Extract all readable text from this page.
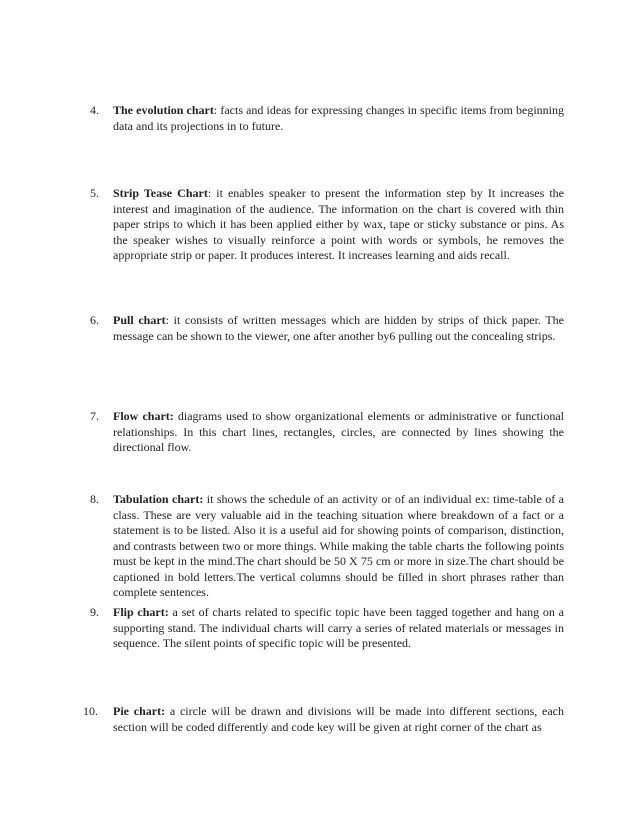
4. The evolution chart: facts and ideas for expressing changes in specific items from beginning data and its projections in to future.
5. Strip Tease Chart: it enables speaker to present the information step by It increases the interest and imagination of the audience. The information on the chart is covered with thin paper strips to which it has been applied either by wax, tape or sticky substance or pins. As the speaker wishes to visually reinforce a point with words or symbols, he removes the appropriate strip or paper. It produces interest. It increases learning and aids recall.
6. Pull chart: it consists of written messages which are hidden by strips of thick paper. The message can be shown to the viewer, one after another by6 pulling out the concealing strips.
7. Flow chart: diagrams used to show organizational elements or administrative or functional relationships. In this chart lines, rectangles, circles, are connected by lines showing the directional flow.
8. Tabulation chart: it shows the schedule of an activity or of an individual ex: time-table of a class. These are very valuable aid in the teaching situation where breakdown of a fact or a statement is to be listed. Also it is a useful aid for showing points of comparison, distinction, and contrasts between two or more things. While making the table charts the following points must be kept in the mind.The chart should be 50 X 75 cm or more in size.The chart should be captioned in bold letters.The vertical columns should be filled in short phrases rather than complete sentences.
9. Flip chart: a set of charts related to specific topic have been tagged together and hang on a supporting stand. The individual charts will carry a series of related materials or messages in sequence. The silent points of specific topic will be presented.
10. Pie chart: a circle will be drawn and divisions will be made into different sections, each section will be coded differently and code key will be given at right corner of the chart as
